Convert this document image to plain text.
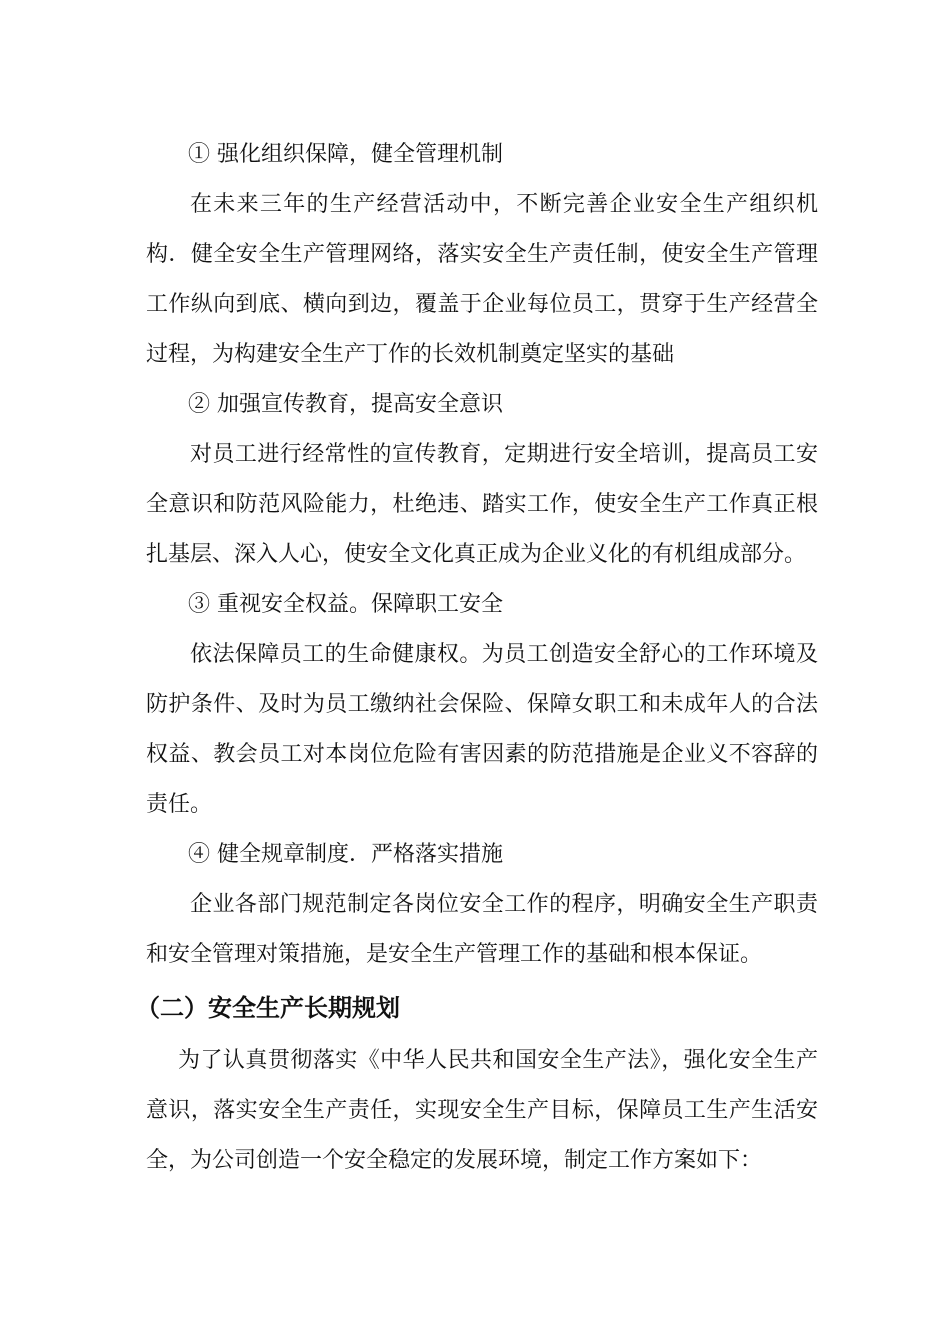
① 强化组织保障，健全管理机制

在未来三年的生产经营活动中，不断完善企业安全生产组织机构．健全安全生产管理网络，落实安全生产责任制，使安全生产管理工作纵向到底、横向到边，覆盖于企业每位员工，贯穿于生产经营全过程，为构建安全生产丁作的长效机制奠定坚实的基础

② 加强宣传教育，提高安全意识

对员工进行经常性的宣传教育，定期进行安全培训，提高员工安全意识和防范风险能力，杜绝违、踏实工作，使安全生产工作真正根扎基层、深入人心，使安全文化真正成为企业义化的有机组成部分。

③ 重视安全权益。保障职工安全

依法保障员工的生命健康权。为员工创造安全舒心的工作环境及防护条件、及时为员工缴纳社会保险、保障女职工和未成年人的合法权益、教会员工对本岗位危险有害因素的防范措施是企业义不容辞的责任。

④ 健全规章制度．严格落实措施

企业各部门规范制定各岗位安全工作的程序，明确安全生产职责和安全管理对策措施，是安全生产管理工作的基础和根本保证。

（二）安全生产长期规划

为了认真贯彻落实《中华人民共和国安全生产法》，强化安全生产意识，落实安全生产责任，实现安全生产目标，保障员工生产生活安全，为公司创造一个安全稳定的发展环境，制定工作方案如下：
